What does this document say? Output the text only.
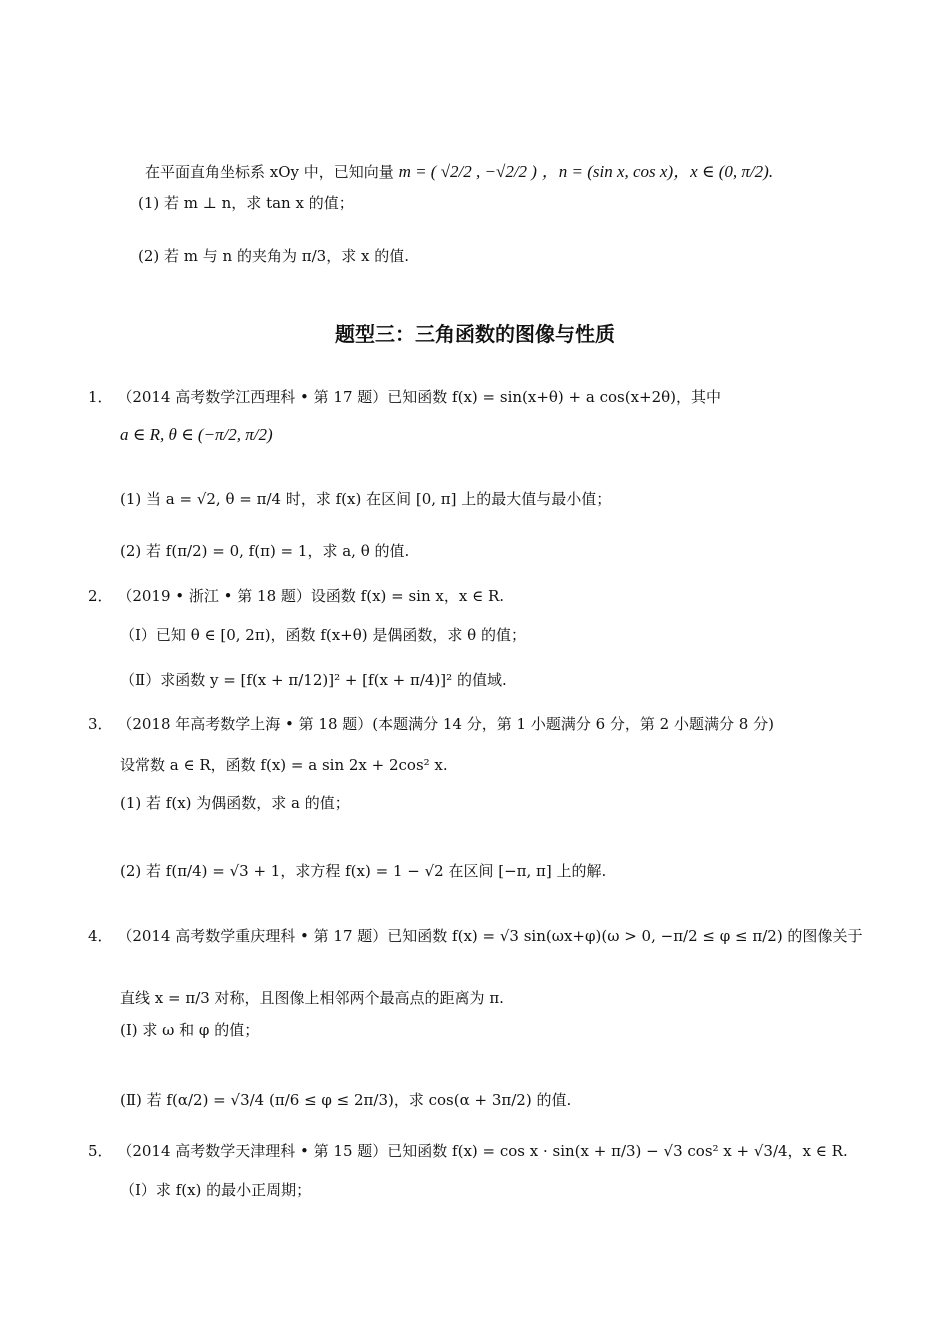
在平面直角坐标系 xOy 中，已知向量 m = ( √2/2 , −√2/2 ) ，n = (sin x, cos x)，x ∈ (0, π/2).
(1) 若 m ⊥ n，求 tan x 的值；
(2) 若 m 与 n 的夹角为 π/3，求 x 的值.
题型三：三角函数的图像与性质
1． （2014 高考数学江西理科 • 第 17 题）已知函数 f(x) = sin(x+θ) + a cos(x+2θ)，其中
a ∈ R, θ ∈ (−π/2, π/2)
(1) 当 a = √2, θ = π/4 时，求 f(x) 在区间 [0, π] 上的最大值与最小值；
(2) 若 f(π/2) = 0, f(π) = 1，求 a, θ 的值.
2． （2019 • 浙江 • 第 18 题）设函数 f(x) = sin x，x ∈ R.
（Ⅰ）已知 θ ∈ [0, 2π)，函数 f(x+θ) 是偶函数，求 θ 的值；
（Ⅱ）求函数 y = [f(x + π/12)]² + [f(x + π/4)]² 的值域.
3． （2018 年高考数学上海 • 第 18 题）(本题满分 14 分，第 1 小题满分 6 分，第 2 小题满分 8 分)
设常数 a ∈ R，函数 f(x) = a sin 2x + 2cos² x.
(1) 若 f(x) 为偶函数，求 a 的值；
(2) 若 f(π/4) = √3 + 1，求方程 f(x) = 1 − √2 在区间 [−π, π] 上的解.
4． （2014 高考数学重庆理科 • 第 17 题）已知函数 f(x) = √3 sin(ωx+φ)(ω > 0, −π/2 ≤ φ ≤ π/2) 的图像关于
直线 x = π/3 对称，且图像上相邻两个最高点的距离为 π.
(Ⅰ) 求 ω 和 φ 的值；
(Ⅱ) 若 f(α/2) = √3/4 (π/6 ≤ φ ≤ 2π/3)，求 cos(α + 3π/2) 的值.
5． （2014 高考数学天津理科 • 第 15 题）已知函数 f(x) = cos x · sin(x + π/3) − √3 cos² x + √3/4，x ∈ R.
（Ⅰ）求 f(x) 的最小正周期；
